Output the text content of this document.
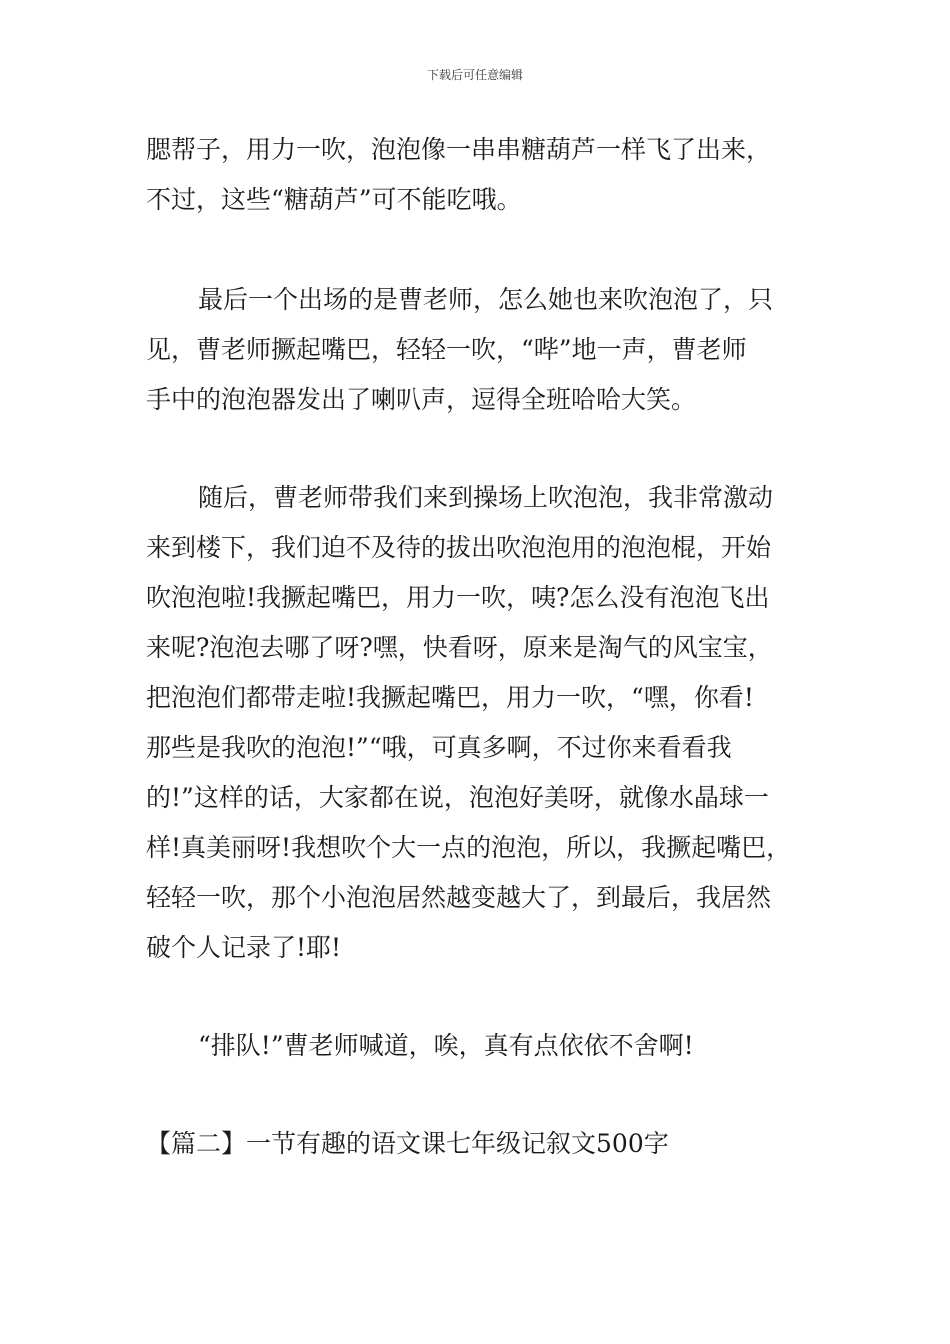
下载后可任意编辑
腮帮子，用力一吹，泡泡像一串串糖葫芦一样飞了出来，
不过，这些“糖葫芦”可不能吃哦。
最后一个出场的是曹老师，怎么她也来吹泡泡了，只
见，曹老师撅起嘴巴，轻轻一吹，“哔”地一声，曹老师
手中的泡泡器发出了喇叭声，逗得全班哈哈大笑。
随后，曹老师带我们来到操场上吹泡泡，我非常激动
来到楼下，我们迫不及待的拔出吹泡泡用的泡泡棍，开始
吹泡泡啦!我撅起嘴巴，用力一吹，咦?怎么没有泡泡飞出
来呢?泡泡去哪了呀?嘿，快看呀，原来是淘气的风宝宝，
把泡泡们都带走啦!我撅起嘴巴，用力一吹，“嘿，你看!
那些是我吹的泡泡!”“哦，可真多啊，不过你来看看我
的!”这样的话，大家都在说，泡泡好美呀，就像水晶球一
样!真美丽呀!我想吹个大一点的泡泡，所以，我撅起嘴巴，
轻轻一吹，那个小泡泡居然越变越大了，到最后，我居然
破个人记录了!耶!
“排队!”曹老师喊道，唉，真有点依依不舍啊!
【篇二】一节有趣的语文课七年级记叙文500字
